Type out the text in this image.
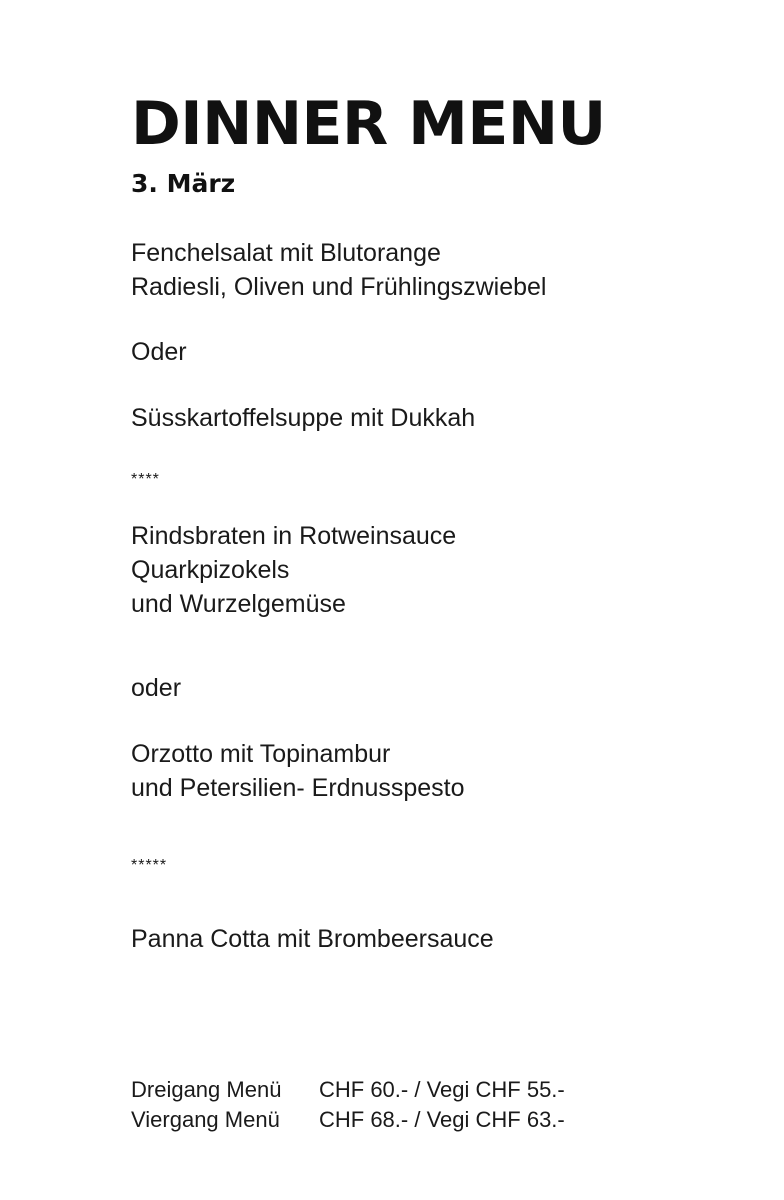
DINNER MENU
3. März

Fenchelsalat mit Blutorange

Radiesli, Oliven und Frühlingszwiebel

Oder

Süsskartoffelsuppe mit Dukkah

****

Rindsbraten in Rotweinsauce

Quarkpizokels

und Wurzelgemüse

oder

Orzotto mit Topinambur

und Petersilien- Erdnusspesto

*****

Panna Cotta mit Brombeersauce

Dreigang Menü CHF 60.- / Vegi CHF 55.-

Viergang Menü CHF 68.- / Vegi CHF 63.-
